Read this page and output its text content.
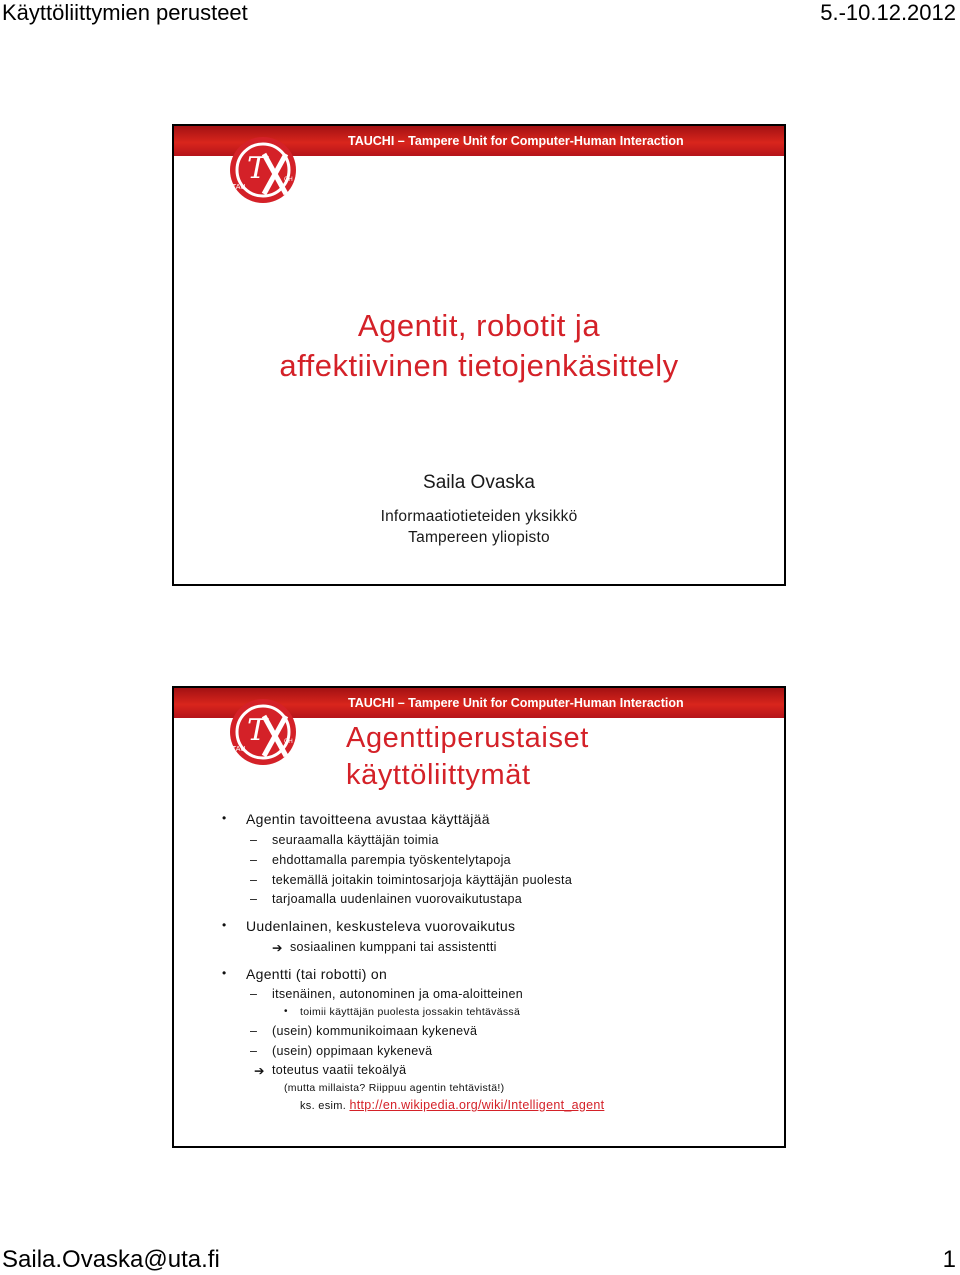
Käyttöliittymien perusteet	5.-10.12.2012
TAUCHI – Tampere Unit for Computer-Human Interaction
T
TAU
CH
Agentit, robotit ja
affektiivinen tietojenkäsittely
Saila Ovaska
Informaatiotieteiden yksikkö
Tampereen yliopisto
TAUCHI – Tampere Unit for Computer-Human Interaction
T
TAU
CH Agenttiperustaiset
käyttöliittymät
• Agentin tavoitteena avustaa käyttäjää
– seuraamalla käyttäjän toimia
– ehdottamalla parempia työskentelytapoja
– tekemällä joitakin toimintosarjoja käyttäjän puolesta
– tarjoamalla uudenlainen vuorovaikutustapa
• Uudenlainen, keskusteleva vuorovaikutus
➔ sosiaalinen kumppani tai assistentti
• Agentti (tai robotti) on
– itsenäinen, autonominen ja oma-aloitteinen
• toimii käyttäjän puolesta jossakin tehtävässä
– (usein) kommunikoimaan kykenevä
– (usein) oppimaan kykenevä
➔ toteutus vaatii tekoälyä
(mutta millaista? Riippuu agentin tehtävistä!)
ks. esim. http://en.wikipedia.org/wiki/Intelligent_agent
Saila.Ovaska@uta.fi	1
